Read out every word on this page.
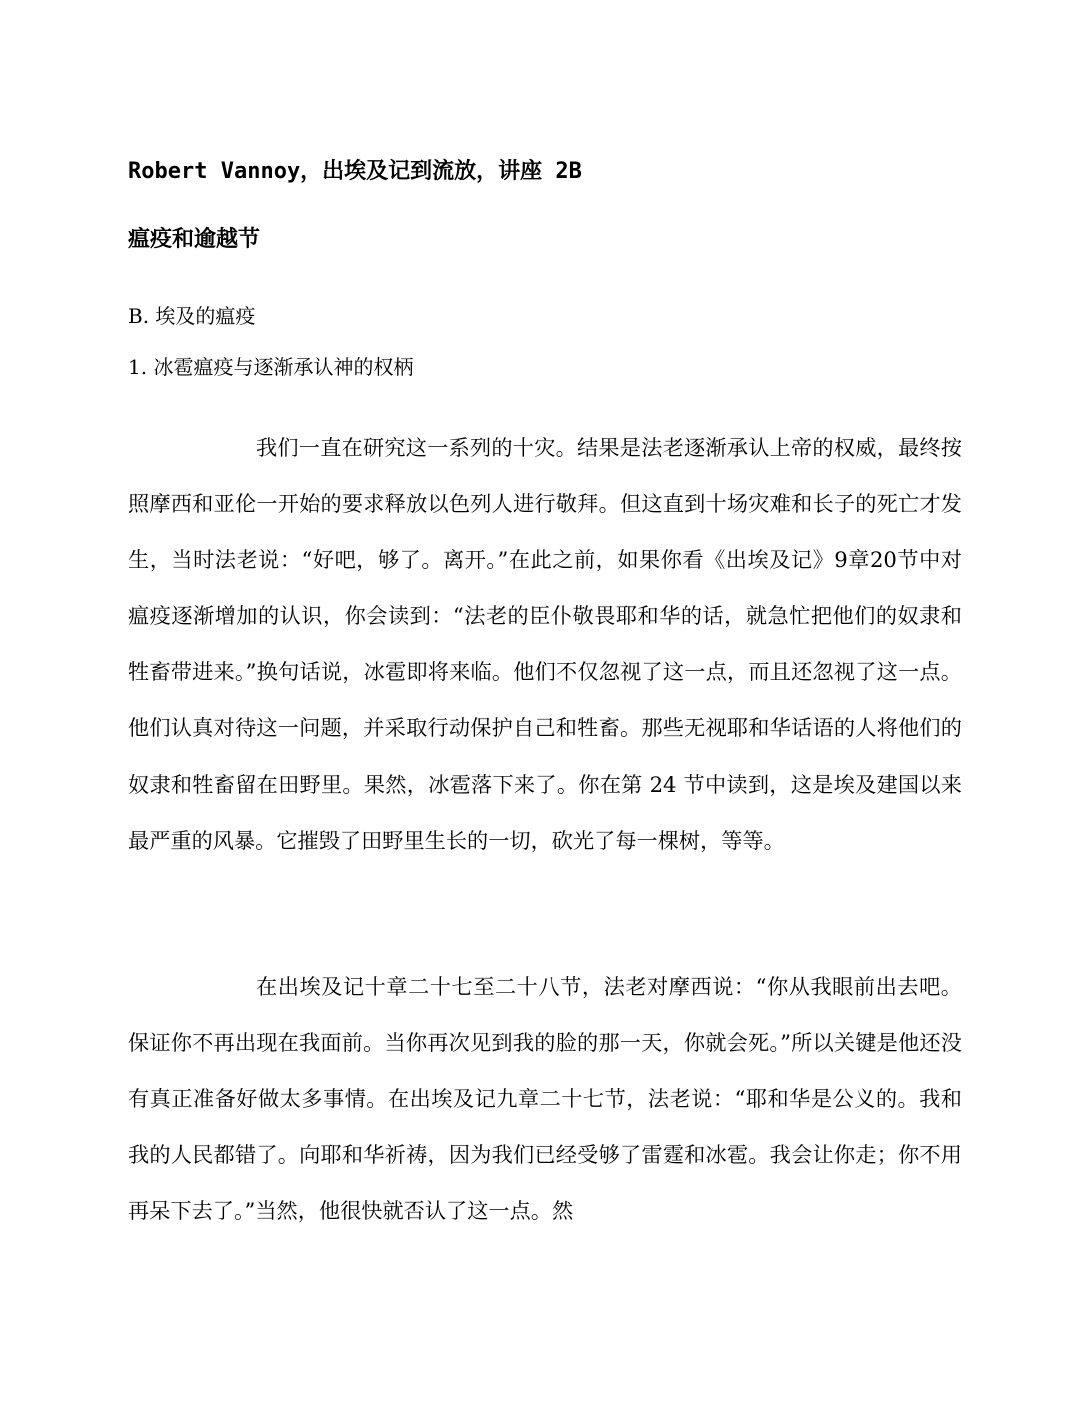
Robert Vannoy，出埃及记到流放，讲座 2B
瘟疫和逾越节
B. 埃及的瘟疫
1. 冰雹瘟疫与逐渐承认神的权柄

我们一直在研究这一系列的十灾。结果是法老逐渐承认上帝的权威，最终按照摩西和亚伦一开始的要求释放以色列人进行敬拜。但这直到十场灾难和长子的死亡才发生，当时法老说：“好吧，够了。离开。”在此之前，如果你看《出埃及记》9章20节中对瘟疫逐渐增加的认识，你会读到：“法老的臣仆敬畏耶和华的话，就急忙把他们的奴隶和牲畜带进来。”换句话说，冰雹即将来临。他们不仅忽视了这一点，而且还忽视了这一点。他们认真对待这一问题，并采取行动保护自己和牲畜。那些无视耶和华话语的人将他们的奴隶和牲畜留在田野里。果然，冰雹落下来了。你在第 24 节中读到，这是埃及建国以来最严重的风暴。它摧毁了田野里生长的一切，砍光了每一棵树，等等。

在出埃及记十章二十七至二十八节，法老对摩西说：“你从我眼前出去吧。保证你不再出现在我面前。当你再次见到我的脸的那一天，你就会死。”所以关键是他还没有真正准备好做太多事情。在出埃及记九章二十七节，法老说：“耶和华是公义的。我和我的人民都错了。向耶和华祈祷，因为我们已经受够了雷霆和冰雹。我会让你走；你不用再呆下去了。”当然，他很快就否认了这一点。然
